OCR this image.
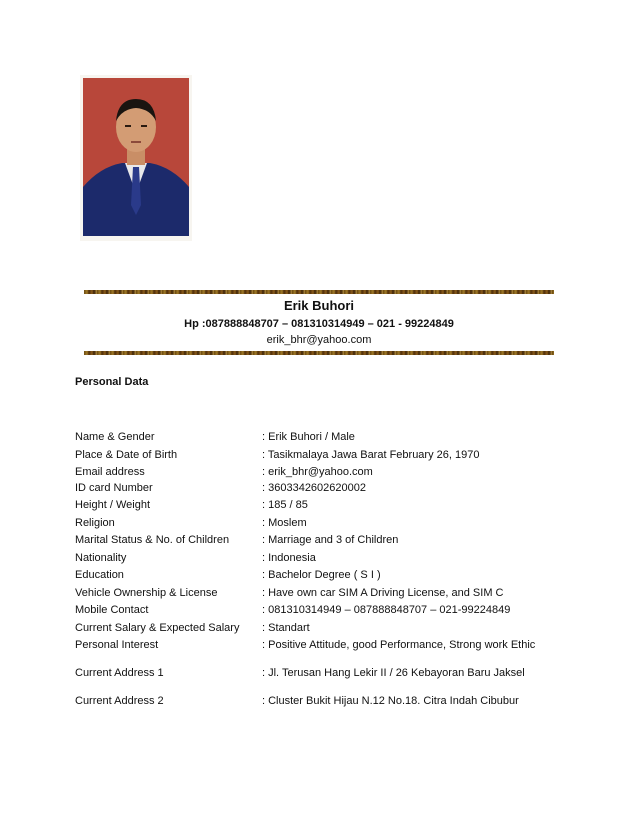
Erik Buhori
Hp :087888848707 – 081310314949 – 021 - 99224849
erik_bhr@yahoo.com
Personal Data
Name & Gender	: Erik Buhori / Male
Place & Date of Birth	: Tasikmalaya Jawa Barat February 26, 1970
Email address	: erik_bhr@yahoo.com
ID card Number	: 3603342602620002
Height / Weight	: 185 / 85
Religion	: Moslem
Marital Status & No. of Children	: Marriage and 3 of Children
Nationality	: Indonesia
Education	: Bachelor Degree ( S I )
Vehicle Ownership & License	: Have own car SIM A Driving License, and SIM C
Mobile Contact	: 081310314949 – 087888848707 – 021-99224849
Current Salary & Expected Salary : Standart
Personal Interest	: Positive Attitude, good Performance, Strong work Ethic
Current Address 1	: Jl. Terusan Hang Lekir II / 26 Kebayoran Baru Jaksel
Current Address 2	: Cluster Bukit Hijau N.12 No.18. Citra Indah Cibubur
